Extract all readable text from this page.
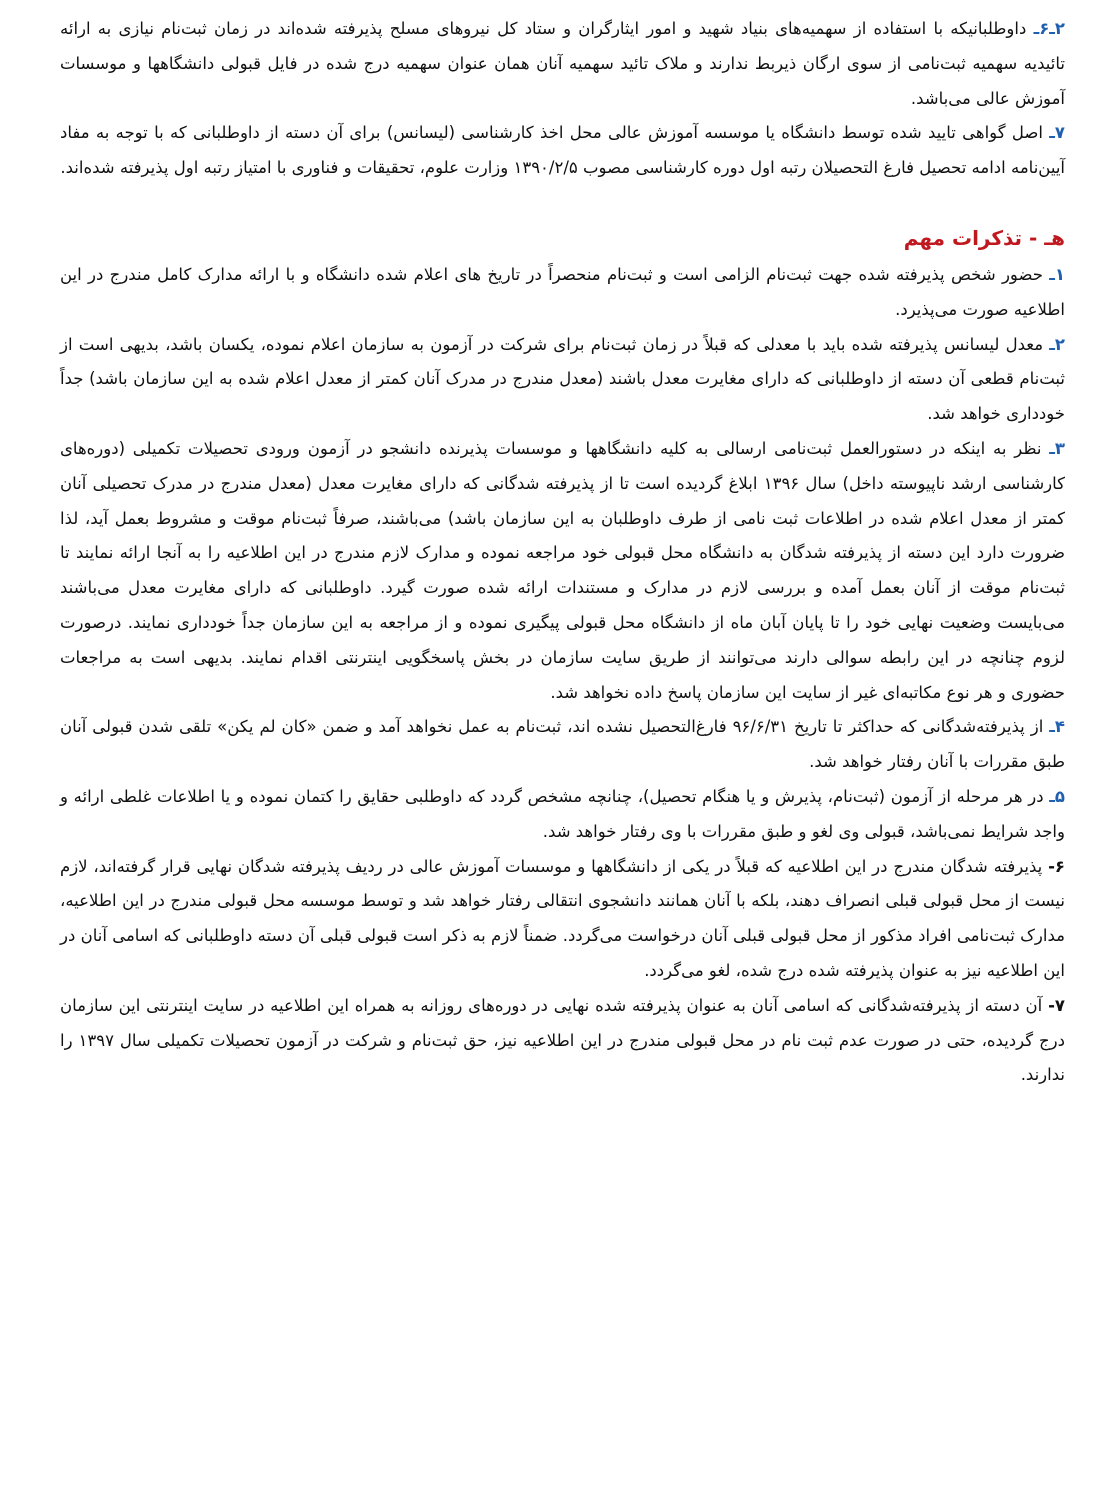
۲ـ۶ـ داوطلبانیکه با استفاده از سهمیه‌های بنیاد شهید و امور ایثارگران و ستاد کل نیروهای مسلح پذیرفته شده‌اند در زمان ثبت‌نام نیازی به ارائه تائیدیه سهمیه ثبت‌نامی از سوی ارگان ذیربط ندارند و ملاک تائید سهمیه آنان همان عنوان سهمیه درج شده در فایل قبولی دانشگاهها و موسسات آموزش عالی می‌باشد.

۷ـ اصل گواهی تایید شده توسط دانشگاه یا موسسه آموزش عالی محل اخذ کارشناسی (لیسانس) برای آن دسته از داوطلبانی که با توجه به مفاد آیین‌نامه ادامه تحصیل فارغ التحصیلان رتبه اول دوره کارشناسی مصوب ۱۳۹۰/۲/۵ وزارت علوم، تحقیقات و فناوری با امتیاز رتبه اول پذیرفته شده‌اند.

هـ - تذکرات مهم

۱ـ حضور شخص پذیرفته شده جهت ثبت‌نام الزامی است و ثبت‌نام منحصراً در تاریخ های اعلام شده دانشگاه و با ارائه مدارک کامل مندرج در این اطلاعیه صورت می‌پذیرد.

۲ـ معدل لیسانس پذیرفته شده باید با معدلی که قبلاً در زمان ثبت‌نام برای شرکت در آزمون به سازمان اعلام نموده، یکسان باشد، بدیهی است از ثبت‌نام قطعی آن دسته از داوطلبانی که دارای مغایرت معدل باشند (معدل مندرج در مدرک آنان کمتر از معدل اعلام شده به این سازمان باشد) جداً خودداری خواهد شد.

۳ـ نظر به اینکه در دستورالعمل ثبت‌نامی ارسالی به کلیه دانشگاهها و موسسات پذیرنده دانشجو در آزمون ورودی تحصیلات تکمیلی (دوره‌های کارشناسی ارشد ناپیوسته داخل) سال ۱۳۹۶ ابلاغ گردیده است تا از پذیرفته شدگانی که دارای مغایرت معدل (معدل مندرج در مدرک تحصیلی آنان کمتر از معدل اعلام شده در اطلاعات ثبت نامی از طرف داوطلبان به این سازمان باشد) می‌باشند، صرفاً ثبت‌نام موقت و مشروط بعمل آید، لذا ضرورت دارد این دسته از پذیرفته شدگان به دانشگاه محل قبولی خود مراجعه نموده و مدارک لازم مندرج در این اطلاعیه را به آنجا ارائه نمایند تا ثبت‌نام موقت از آنان بعمل آمده و بررسی لازم در مدارک و مستندات ارائه شده صورت گیرد. داوطلبانی که دارای مغایرت معدل می‌باشند می‌بایست وضعیت نهایی خود را تا پایان آبان ماه از دانشگاه محل قبولی پیگیری نموده و از مراجعه به این سازمان جداً خودداری نمایند. درصورت لزوم چنانچه در این رابطه سوالی دارند می‌توانند از طریق سایت سازمان در بخش پاسخگویی اینترنتی اقدام نمایند. بدیهی است به مراجعات حضوری و هر نوع مکاتبه‌ای غیر از سایت این سازمان پاسخ داده نخواهد شد.

۴ـ از پذیرفته‌شدگانی که حداکثر تا تاریخ ۹۶/۶/۳۱ فارغ‌التحصیل نشده اند، ثبت‌نام به عمل نخواهد آمد و ضمن «کان لم یکن» تلقی شدن قبولی آنان طبق مقررات با آنان رفتار خواهد شد.

۵ـ در هر مرحله از آزمون (ثبت‌نام، پذیرش و یا هنگام تحصیل)، چنانچه مشخص گردد که داوطلبی حقایق را کتمان نموده و یا اطلاعات غلطی ارائه و واجد شرایط نمی‌باشد، قبولی وی لغو و طبق مقررات با وی رفتار خواهد شد.

۶- پذیرفته شدگان مندرج در این اطلاعیه که قبلاً در یکی از دانشگاهها و موسسات آموزش عالی در ردیف پذیرفته شدگان نهایی قرار گرفته‌اند، لازم نیست از محل قبولی قبلی انصراف دهند، بلکه با آنان همانند دانشجوی انتقالی رفتار خواهد شد و توسط موسسه محل قبولی مندرج در این اطلاعیه، مدارک ثبت‌نامی افراد مذکور از محل قبولی قبلی آنان درخواست می‌گردد. ضمناً لازم به ذکر است قبولی قبلی آن دسته داوطلبانی که اسامی آنان در این اطلاعیه نیز به عنوان پذیرفته شده درج شده، لغو می‌گردد.

۷- آن دسته از پذیرفته‌شدگانی که اسامی آنان به عنوان پذیرفته شده نهایی در دوره‌های روزانه به همراه این اطلاعیه در سایت اینترنتی این سازمان درج گردیده، حتی در صورت عدم ثبت نام در محل قبولی مندرج در این اطلاعیه نیز، حق ثبت‌نام و شرکت در آزمون تحصیلات تکمیلی سال ۱۳۹۷ را ندارند.
